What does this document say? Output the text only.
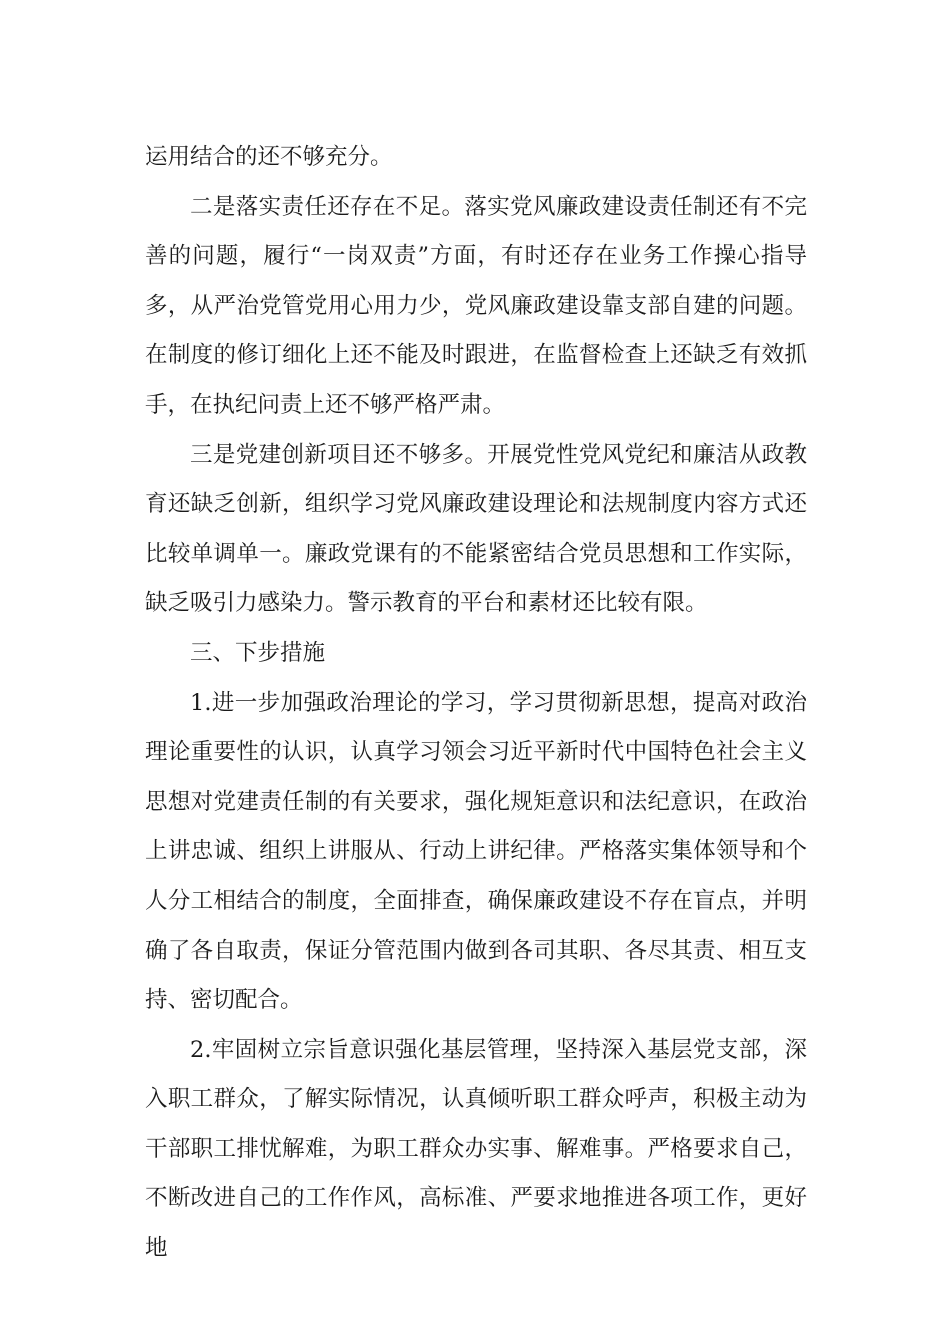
运用结合的还不够充分。

二是落实责任还存在不足。落实党风廉政建设责任制还有不完善的问题，履行“一岗双责”方面，有时还存在业务工作操心指导多，从严治党管党用心用力少，党风廉政建设靠支部自建的问题。在制度的修订细化上还不能及时跟进，在监督检查上还缺乏有效抓手，在执纪问责上还不够严格严肃。

三是党建创新项目还不够多。开展党性党风党纪和廉洁从政教育还缺乏创新，组织学习党风廉政建设理论和法规制度内容方式还比较单调单一。廉政党课有的不能紧密结合党员思想和工作实际，缺乏吸引力感染力。警示教育的平台和素材还比较有限。

三、下步措施

1.进一步加强政治理论的学习，学习贯彻新思想，提高对政治理论重要性的认识，认真学习领会习近平新时代中国特色社会主义思想对党建责任制的有关要求，强化规矩意识和法纪意识，在政治上讲忠诚、组织上讲服从、行动上讲纪律。严格落实集体领导和个人分工相结合的制度，全面排查，确保廉政建设不存在盲点，并明确了各自取责，保证分管范围内做到各司其职、各尽其责、相互支持、密切配合。

2.牢固树立宗旨意识强化基层管理，坚持深入基层党支部，深入职工群众，了解实际情况，认真倾听职工群众呼声，积极主动为干部职工排忧解难，为职工群众办实事、解难事。严格要求自己，不断改进自己的工作作风，高标准、严要求地推进各项工作，更好地
